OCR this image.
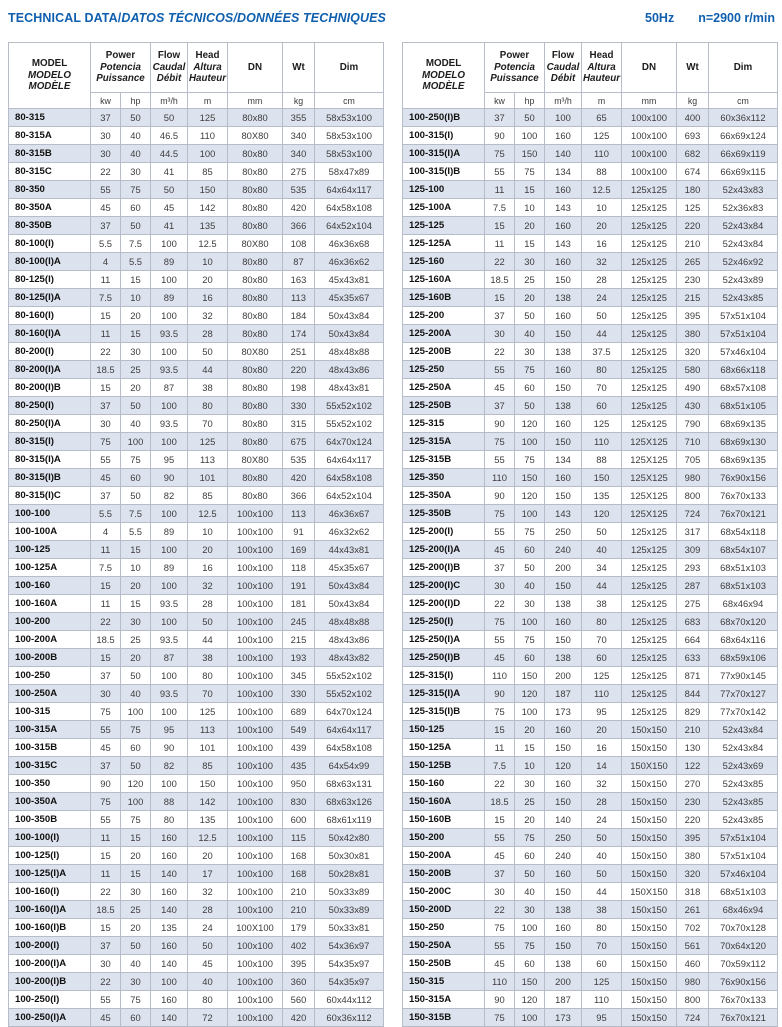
TECHNICAL DATA/DATOS TÉCNICOS/DONNÉES TECHNIQUES	50Hz n=2900 r/min
MODEL
MODELO
MODÈLE

Power
Potencia
Puissance

Flow
Caudal
Débit

Head
Altura
Hauteur

DN	Wt	Dim

	kw	hp	m³/h	m	mm	kg	cm
80-315	37	50	50	125	80x80	355	58x53x100
80-315A	30	40	46.5	110	80X80	340	58x53x100
80-315B	30	40	44.5	100	80x80	340	58x53x100
80-315C	22	30	41	85	80x80	275	58x47x89
80-350	55	75	50	150	80x80	535	64x64x117
80-350A	45	60	45	142	80x80	420	64x58x108
80-350B	37	50	41	135	80x80	366	64x52x104
80-100(I)	5.5	7.5	100	12.5	80X80	108	46x36x68
80-100(I)A	4	5.5	89	10	80x80	87	46x36x62
80-125(I)	11	15	100	20	80x80	163	45x43x81
80-125(I)A	7.5	10	89	16	80x80	113	45x35x67
80-160(I)	15	20	100	32	80x80	184	50x43x84
80-160(I)A	11	15	93.5	28	80x80	174	50x43x84
80-200(I)	22	30	100	50	80X80	251	48x48x88
80-200(I)A	18.5	25	93.5	44	80x80	220	48x43x86
80-200(I)B	15	20	87	38	80x80	198	48x43x81
80-250(I)	37	50	100	80	80x80	330	55x52x102
80-250(I)A	30	40	93.5	70	80x80	315	55x52x102
80-315(I)	75	100	100	125	80x80	675	64x70x124
80-315(I)A	55	75	95	113	80X80	535	64x64x117
80-315(I)B	45	60	90	101	80x80	420	64x58x108
80-315(I)C	37	50	82	85	80x80	366	64x52x104
100-100	5.5	7.5	100	12.5	100x100	113	46x36x67
100-100A	4	5.5	89	10	100x100	91	46x32x62
100-125	11	15	100	20	100x100	169	44x43x81
100-125A	7.5	10	89	16	100x100	118	45x35x67
100-160	15	20	100	32	100x100	191	50x43x84
100-160A	11	15	93.5	28	100x100	181	50x43x84
100-200	22	30	100	50	100x100	245	48x48x88
100-200A	18.5	25	93.5	44	100x100	215	48x43x86
100-200B	15	20	87	38	100x100	193	48x43x82
100-250	37	50	100	80	100x100	345	55x52x102
100-250A	30	40	93.5	70	100x100	330	55x52x102
100-315	75	100	100	125	100x100	689	64x70x124
100-315A	55	75	95	113	100x100	549	64x64x117
100-315B	45	60	90	101	100x100	439	64x58x108
100-315C	37	50	82	85	100x100	435	64x54x99
100-350	90	120	100	150	100x100	950	68x63x131
100-350A	75	100	88	142	100x100	830	68x63x126
100-350B	55	75	80	135	100x100	600	68x61x119
100-100(I)	11	15	160	12.5	100x100	115	50x42x80
100-125(I)	15	20	160	20	100x100	168	50x30x81
100-125(I)A	11	15	140	17	100x100	168	50x28x81
100-160(I)	22	30	160	32	100x100	210	50x33x89
100-160(I)A	18.5	25	140	28	100x100	210	50x33x89
100-160(I)B	15	20	135	24	100X100	179	50x33x81
100-200(I)	37	50	160	50	100x100	402	54x36x97
100-200(I)A	30	40	140	45	100x100	395	54x35x97
100-200(I)B	22	30	100	40	100x100	360	54x35x97
100-250(I)	55	75	160	80	100x100	560	60x44x112
100-250(I)A	45	60	140	72	100x100	420	60x36x112
MODEL
MODELO
MODÈLE

Power
Potencia
Puissance

Flow
Caudal
Débit

Head
Altura
Hauteur

DN	Wt	Dim

	kw	hp	m³/h	m	mm	kg	cm
100-250(I)B	37	50	100	65	100x100	400	60x36x112
100-315(I)	90	100	160	125	100x100	693	66x69x124
100-315(I)A	75	150	140	110	100x100	682	66x69x119
100-315(I)B	55	75	134	88	100x100	674	66x69x115
125-100	11	15	160	12.5	125x125	180	52x43x83
125-100A	7.5	10	143	10	125x125	125	52x36x83
125-125	15	20	160	20	125x125	220	52x43x84
125-125A	11	15	143	16	125x125	210	52x43x84
125-160	22	30	160	32	125x125	265	52x46x92
125-160A	18.5	25	150	28	125x125	230	52x43x89
125-160B	15	20	138	24	125x125	215	52x43x85
125-200	37	50	160	50	125x125	395	57x51x104
125-200A	30	40	150	44	125x125	380	57x51x104
125-200B	22	30	138	37.5	125x125	320	57x46x104
125-250	55	75	160	80	125x125	580	68x66x118
125-250A	45	60	150	70	125x125	490	68x57x108
125-250B	37	50	138	60	125x125	430	68x51x105
125-315	90	120	160	125	125x125	790	68x69x135
125-315A	75	100	150	110	125X125	710	68x69x130
125-315B	55	75	134	88	125X125	705	68x69x135
125-350	110	150	160	150	125X125	980	76x90x156
125-350A	90	120	150	135	125X125	800	76x70x133
125-350B	75	100	143	120	125X125	724	76x70x121
125-200(I)	55	75	250	50	125x125	317	68x54x118
125-200(I)A	45	60	240	40	125x125	309	68x54x107
125-200(I)B	37	50	200	34	125x125	293	68x51x103
125-200(I)C	30	40	150	44	125x125	287	68x51x103
125-200(I)D	22	30	138	38	125x125	275	68x46x94
125-250(I)	75	100	160	80	125x125	683	68x70x120
125-250(I)A	55	75	150	70	125x125	664	68x64x116
125-250(I)B	45	60	138	60	125x125	633	68x59x106
125-315(I)	110	150	200	125	125x125	871	77x90x145
125-315(I)A	90	120	187	110	125x125	844	77x70x127
125-315(I)B	75	100	173	95	125x125	829	77x70x142
150-125	15	20	160	20	150x150	210	52x43x84
150-125A	11	15	150	16	150x150	130	52x43x84
150-125B	7.5	10	120	14	150X150	122	52x43x69
150-160	22	30	160	32	150x150	270	52x43x85
150-160A	18.5	25	150	28	150x150	230	52x43x85
150-160B	15	20	140	24	150x150	220	52x43x85
150-200	55	75	250	50	150x150	395	57x51x104
150-200A	45	60	240	40	150x150	380	57x51x104
150-200B	37	50	160	50	150x150	320	57x46x104
150-200C	30	40	150	44	150X150	318	68x51x103
150-200D	22	30	138	38	150x150	261	68x46x94
150-250	75	100	160	80	150x150	702	70x70x128
150-250A	55	75	150	70	150x150	561	70x64x120
150-250B	45	60	138	60	150x150	460	70x59x112
150-315	110	150	200	125	150x150	980	76x90x156
150-315A	90	120	187	110	150x150	800	76x70x133
150-315B	75	100	173	95	150x150	724	76x70x121
